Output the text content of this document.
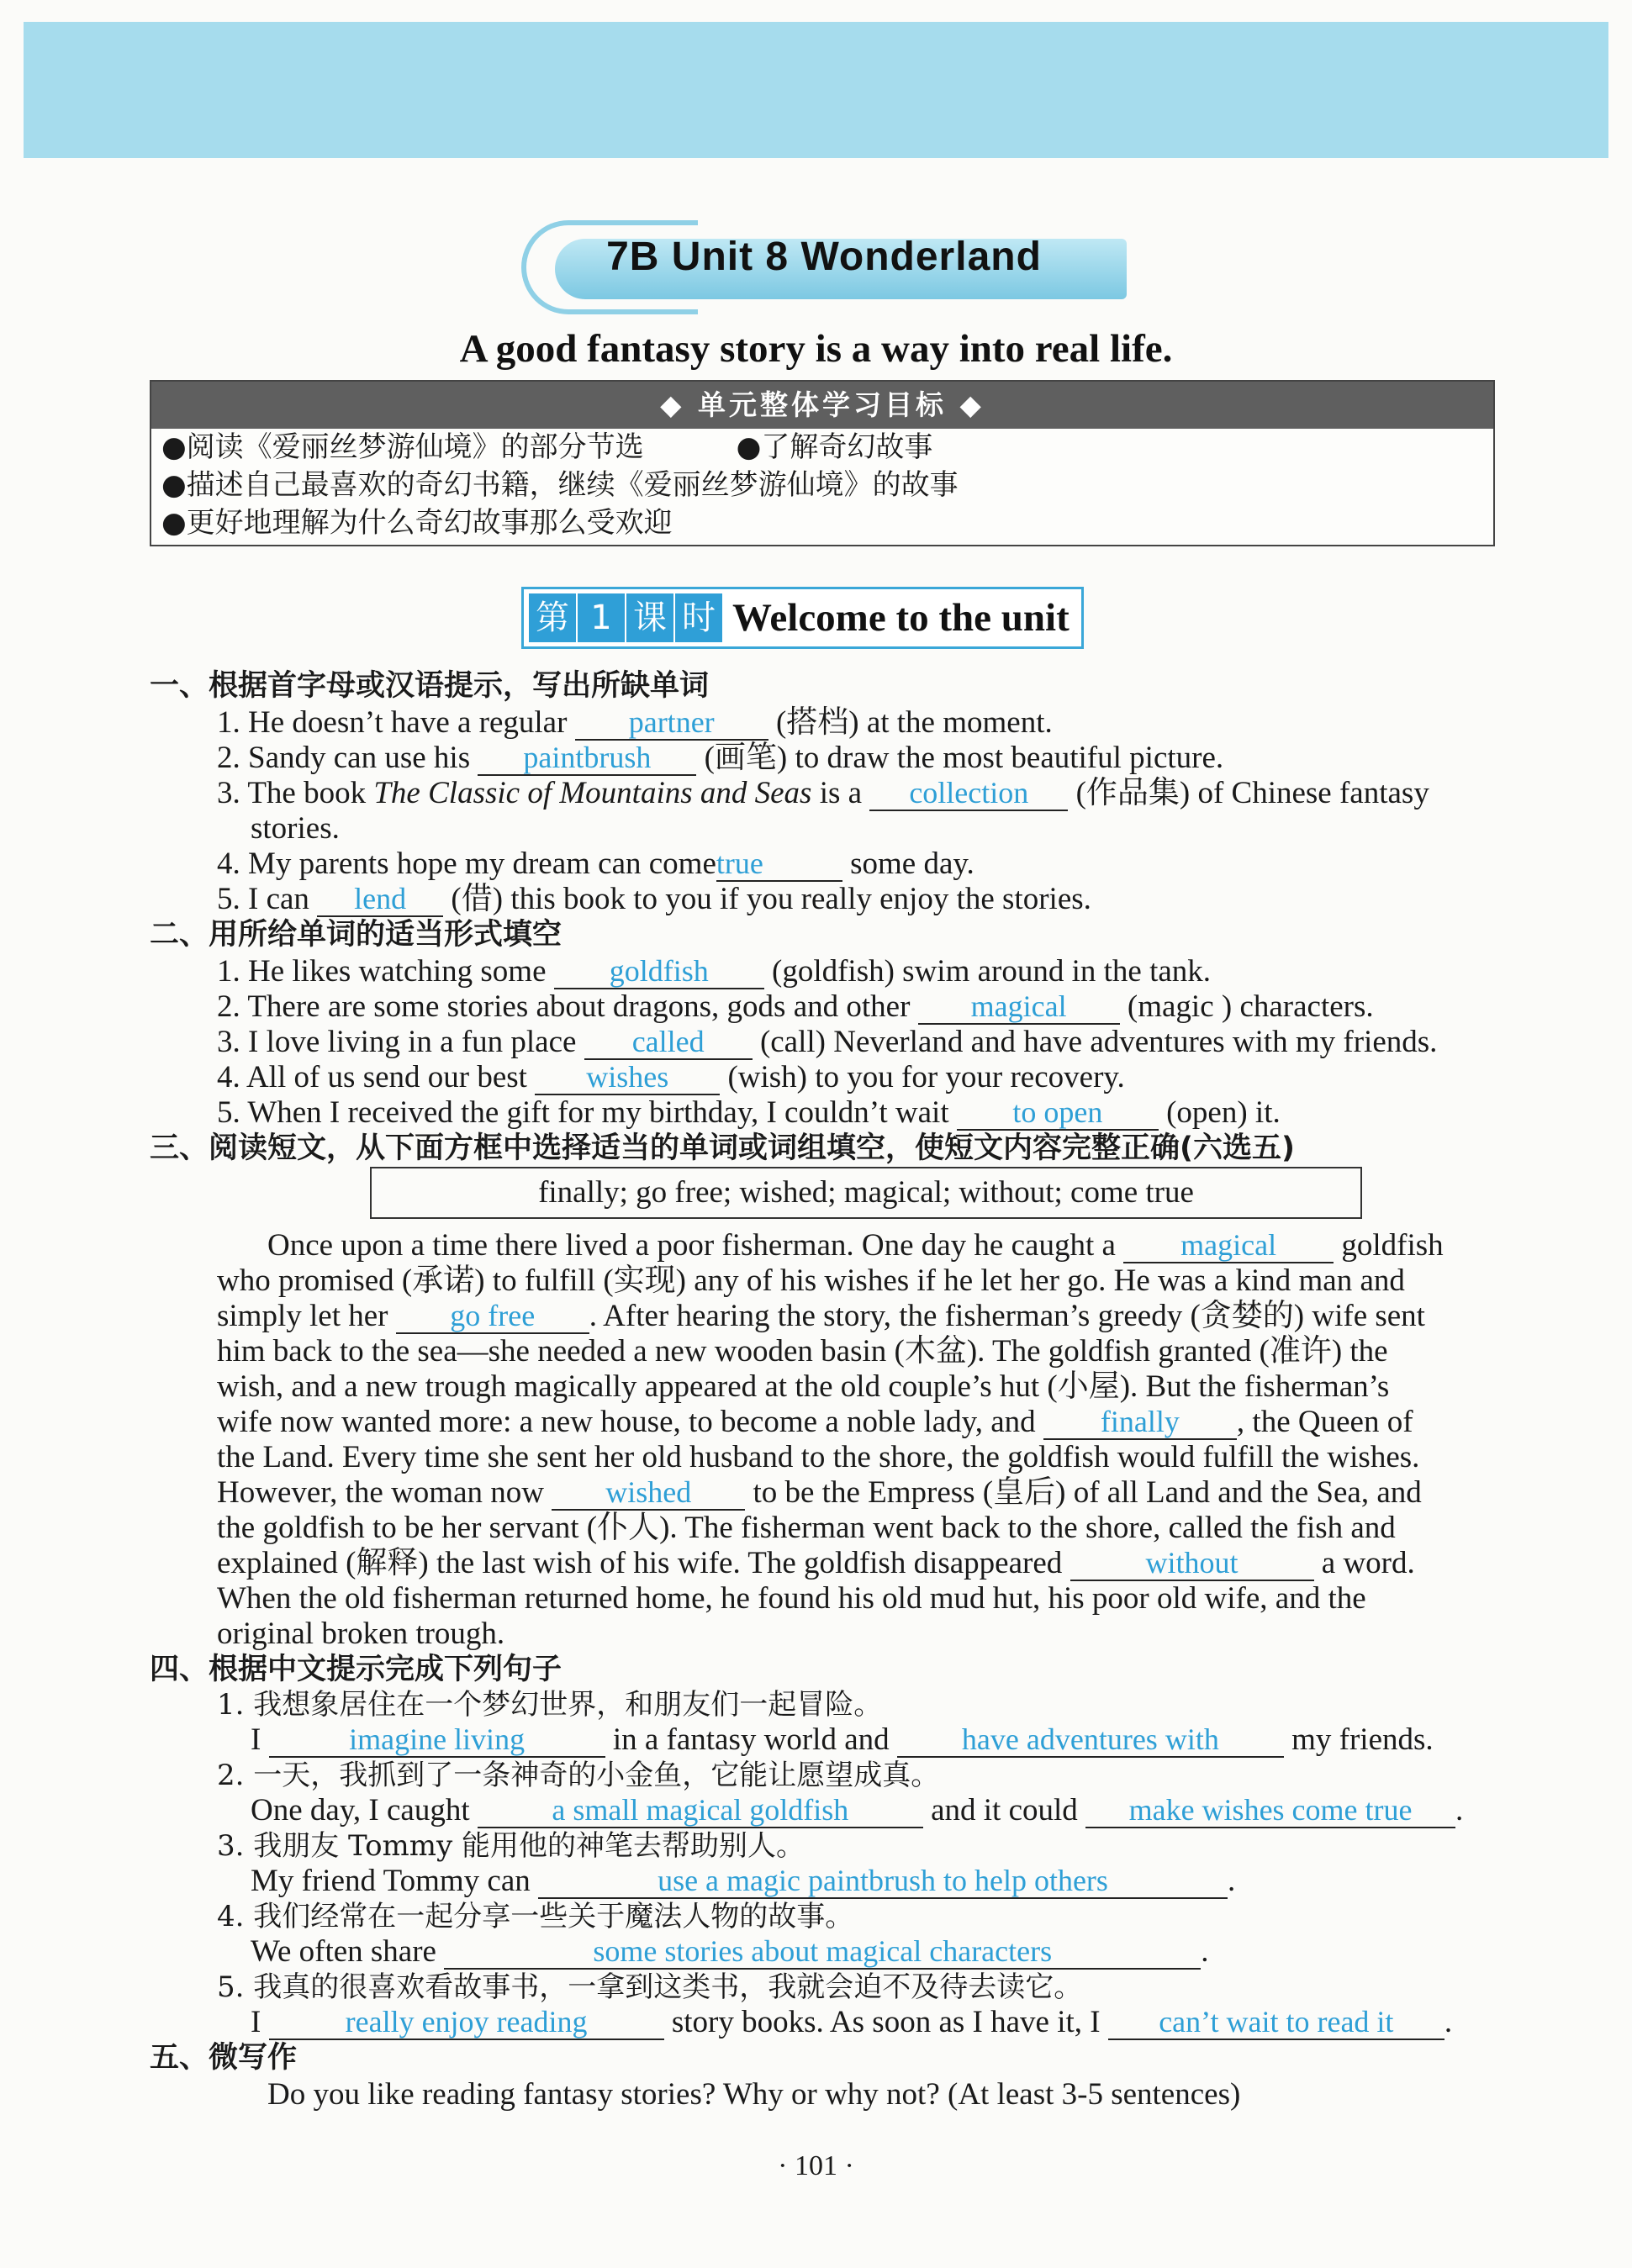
7B Unit 8 Wonderland
A good fantasy story is a way into real life.
◆ 单元整体学习目标 ◆
●阅读《爱丽丝梦游仙境》的部分节选	●了解奇幻故事
●描述自己最喜欢的奇幻书籍，继续《爱丽丝梦游仙境》的故事
●更好地理解为什么奇幻故事那么受欢迎
第 1 课 时 Welcome to the unit
一、根据首字母或汉语提示，写出所缺单词
1. He doesn’t have a regular partner (搭档) at the moment.
2. Sandy can use his paintbrush (画笔) to draw the most beautiful picture.
3. The book The Classic of Mountains and Seas is a collection (作品集) of Chinese fantasy
stories.
4. My parents hope my dream can cometrue	some day.
5. I can lend (借) this book to you if you really enjoy the stories.
二、用所给单词的适当形式填空
1. He likes watching some goldfish (goldfish) swim around in the tank.
2. There are some stories about dragons, gods and other magical (magic ) characters.
3. I love living in a fun place called (call) Neverland and have adventures with my friends.
4. All of us send our best wishes (wish) to you for your recovery.
5. When I received the gift for my birthday, I couldn’t wait to open (open) it.
三、阅读短文，从下面方框中选择适当的单词或词组填空，使短文内容完整正确(六选五)
finally; go free; wished; magical; without; come true
Once upon a time there lived a poor fisherman. One day he caught a magical goldfish
who promised (承诺) to fulfill (实现) any of his wishes if he let her go. He was a kind man and
simply let her go free . After hearing the story, the fisherman’s greedy (贪婪的) wife sent
him back to the sea—she needed a new wooden basin (木盆). The goldfish granted (准许) the
wish, and a new trough magically appeared at the old couple’s hut (小屋). But the fisherman’s
wife now wanted more: a new house, to become a noble lady, and finally , the Queen of
the Land. Every time she sent her old husband to the shore, the goldfish would fulfill the wishes.
However, the woman now wished to be the Empress (皇后) of all Land and the Sea, and
the goldfish to be her servant (仆人). The fisherman went back to the shore, called the fish and
explained (解释) the last wish of his wife. The goldfish disappeared	without	a word.
When the old fisherman returned home, he found his old mud hut, his poor old wife, and the
original broken trough.
四、根据中文提示完成下列句子
1. 我想象居住在一个梦幻世界，和朋友们一起冒险。
I	imagine living	in a fantasy world and have adventures with my friends.
2. 一天，我抓到了一条神奇的小金鱼，它能让愿望成真。
One day, I caught	a small magical goldfish	and it could make wishes come true .
3. 我朋友 Tommy 能用他的神笔去帮助别人。
My friend Tommy can	use a magic paintbrush to help others	.
4. 我们经常在一起分享一些关于魔法人物的故事。
We often share	some stories about magical characters	.
5. 我真的很喜欢看故事书，一拿到这类书，我就会迫不及待去读它。
I	really enjoy reading	story books. As soon as I have it, I can’t wait to read it .
五、微写作
Do you like reading fantasy stories? Why or why not? (At least 3-5 sentences)
· 101 ·
